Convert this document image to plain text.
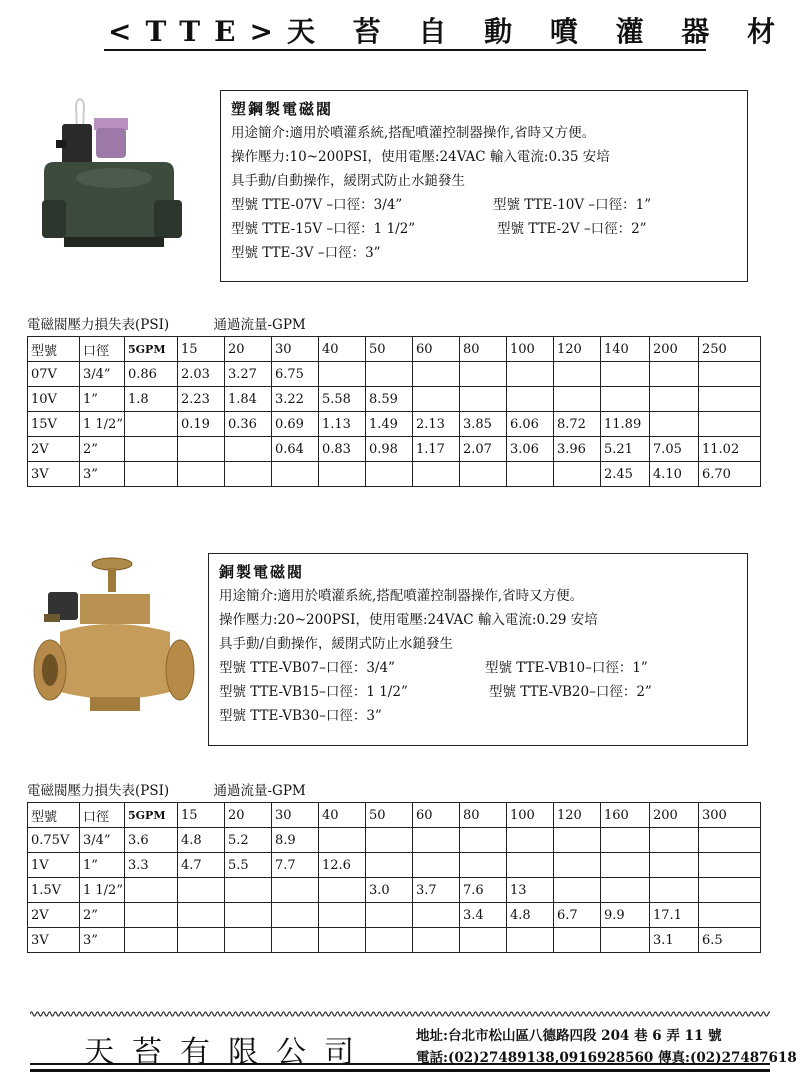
<TTE>天 苔 自 動 噴 灌 器 材
塑鋼製電磁閥
用途簡介:適用於噴灌系統,搭配噴灌控制器操作,省時又方便。
操作壓力:10~200PSI，使用電壓:24VAC 輸入電流:0.35 安培
具手動/自動操作，緩閉式防止水鎚發生
型號 TTE-07V –口徑：3/4”	型號 TTE-10V –口徑：1”
型號 TTE-15V –口徑：1 1/2”	型號 TTE-2V –口徑：2”
型號 TTE-3V –口徑：3”
電磁閥壓力損失表(PSI)	通過流量-GPM
型號	口徑	5GPM	15	20	30	40	50	60	80	100	120	140	200	250
07V	3/4”	0.86	2.03	3.27	6.75									
10V	1”	1.8	2.23	1.84	3.22	5.58	8.59							
15V	1 1/2”		0.19	0.36	0.69	1.13	1.49	2.13	3.85	6.06	8.72	11.89		
2V	2”				0.64	0.83	0.98	1.17	2.07	3.06	3.96	5.21	7.05	11.02
3V	3”											2.45	4.10	6.70
銅製電磁閥
用途簡介:適用於噴灌系統,搭配噴灌控制器操作,省時又方便。
操作壓力:20~200PSI，使用電壓:24VAC 輸入電流:0.29 安培
具手動/自動操作，緩閉式防止水鎚發生
型號 TTE-VB07–口徑：3/4”	型號 TTE-VB10–口徑：1”
型號 TTE-VB15–口徑：1 1/2”	型號 TTE-VB20–口徑：2”
型號 TTE-VB30–口徑：3”
電磁閥壓力損失表(PSI)	通過流量-GPM
型號	口徑	5GPM	15	20	30	40	50	60	80	100	120	160	200	300
0.75V	3/4”	3.6	4.8	5.2	8.9									
1V	1”	3.3	4.7	5.5	7.7	12.6								
1.5V	1 1/2”						3.0	3.7	7.6	13				
2V	2”								3.4	4.8	6.7	9.9	17.1	
3V	3”												3.1	6.5
天苔有限公司	地址:台北市松山區八德路四段 204 巷 6 弄 11 號
電話:(02)27489138,0916928560 傳真:(02)27487618
